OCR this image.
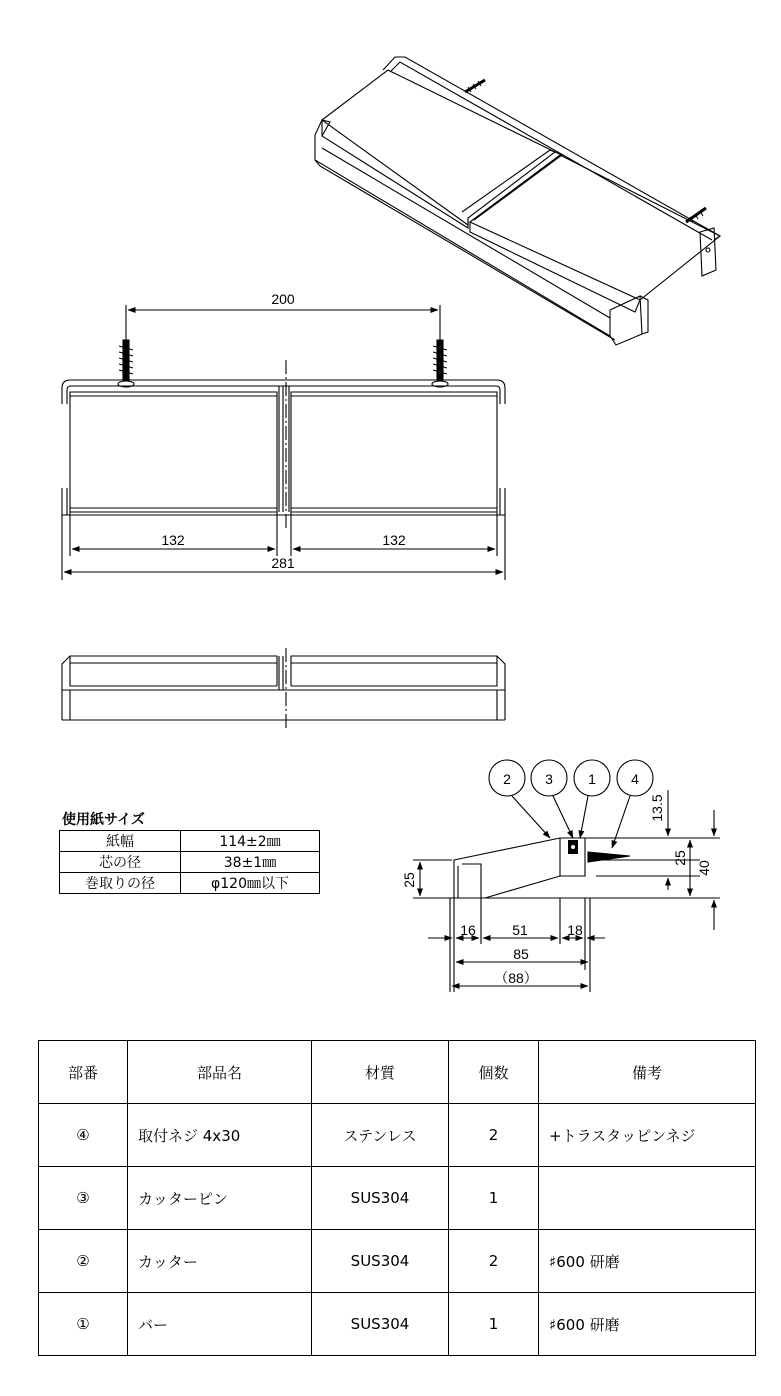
200
132	132
281
2 3	1	4
16	51	18
85
（88）
25
13.5
25
40
使用紙サイズ
紙幅	114±2㎜
芯の径	38±1㎜
巻取りの径	φ120㎜以下
部番	部品名	材質	個数	備考
④	取付ネジ 4x30	ステンレス	2	+トラスタッピンネジ
③	カッターピン	SUS304	1	
②	カッター	SUS304	2	♯600 研磨
①	バー	SUS304	1	♯600 研磨
